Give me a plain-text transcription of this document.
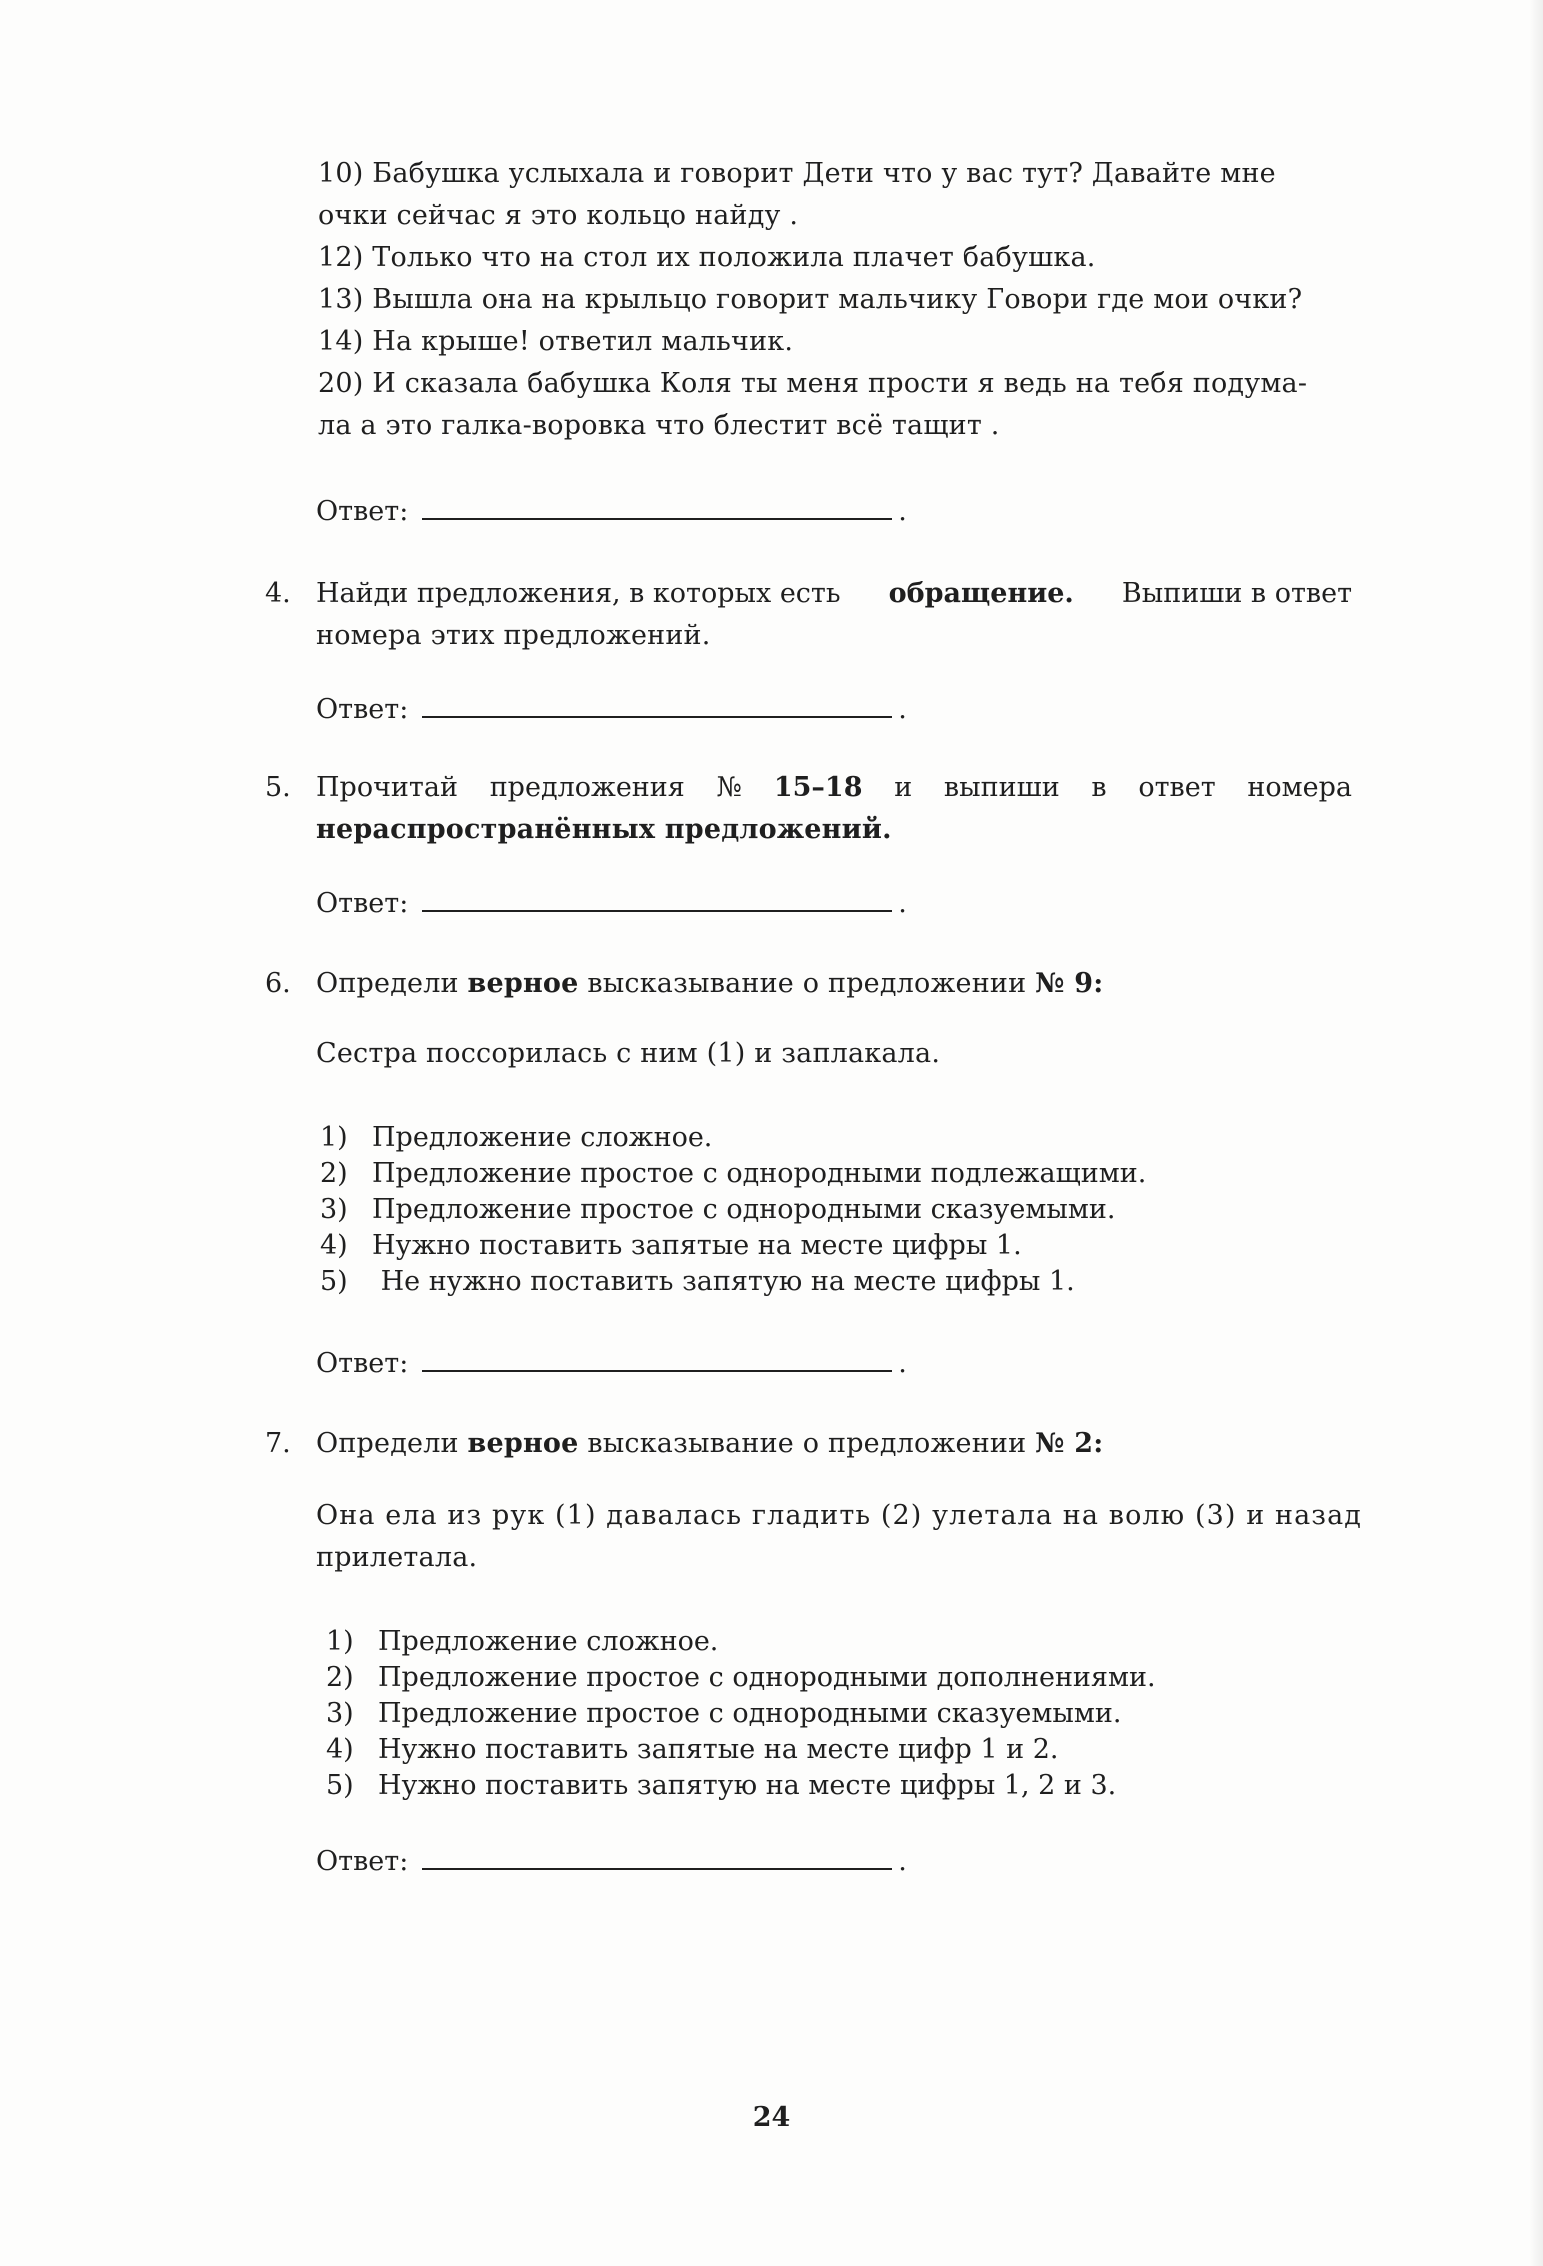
10) Бабушка услыхала и говорит Дети что у вас тут? Давайте мне
очки сейчас я это кольцо найду .
12) Только что на стол их положила плачет бабушка.
13) Вышла она на крыльцо говорит мальчику Говори где мои очки?
14) На крыше! ответил мальчик.
20) И сказала бабушка Коля ты меня прости я ведь на тебя подума-
ла а это галка-воровка что блестит всё тащит .
Ответ:	.
4. Найди предложения, в которых есть обращение. Выпиши в ответ
номера этих предложений.
Ответ:	.
5. Прочитай предложения № 15–18 и выпиши в ответ номера
нераспространённых предложений.
Ответ:	.
6. Определи верное высказывание о предложении № 9:
Сестра поссорилась с ним (1) и заплакала.
1) Предложение сложное.
2) Предложение простое с однородными подлежащими.
3) Предложение простое с однородными сказуемыми.
4) Нужно поставить запятые на месте цифры 1.
5) Не нужно поставить запятую на месте цифры 1.
Ответ:	.
7. Определи верное высказывание о предложении № 2:
Она ела из рук (1) давалась гладить (2) улетала на волю (3) и назад
прилетала.
1) Предложение сложное.
2) Предложение простое с однородными дополнениями.
3) Предложение простое с однородными сказуемыми.
4) Нужно поставить запятые на месте цифр 1 и 2.
5) Нужно поставить запятую на месте цифры 1, 2 и 3.
Ответ:	.
24
